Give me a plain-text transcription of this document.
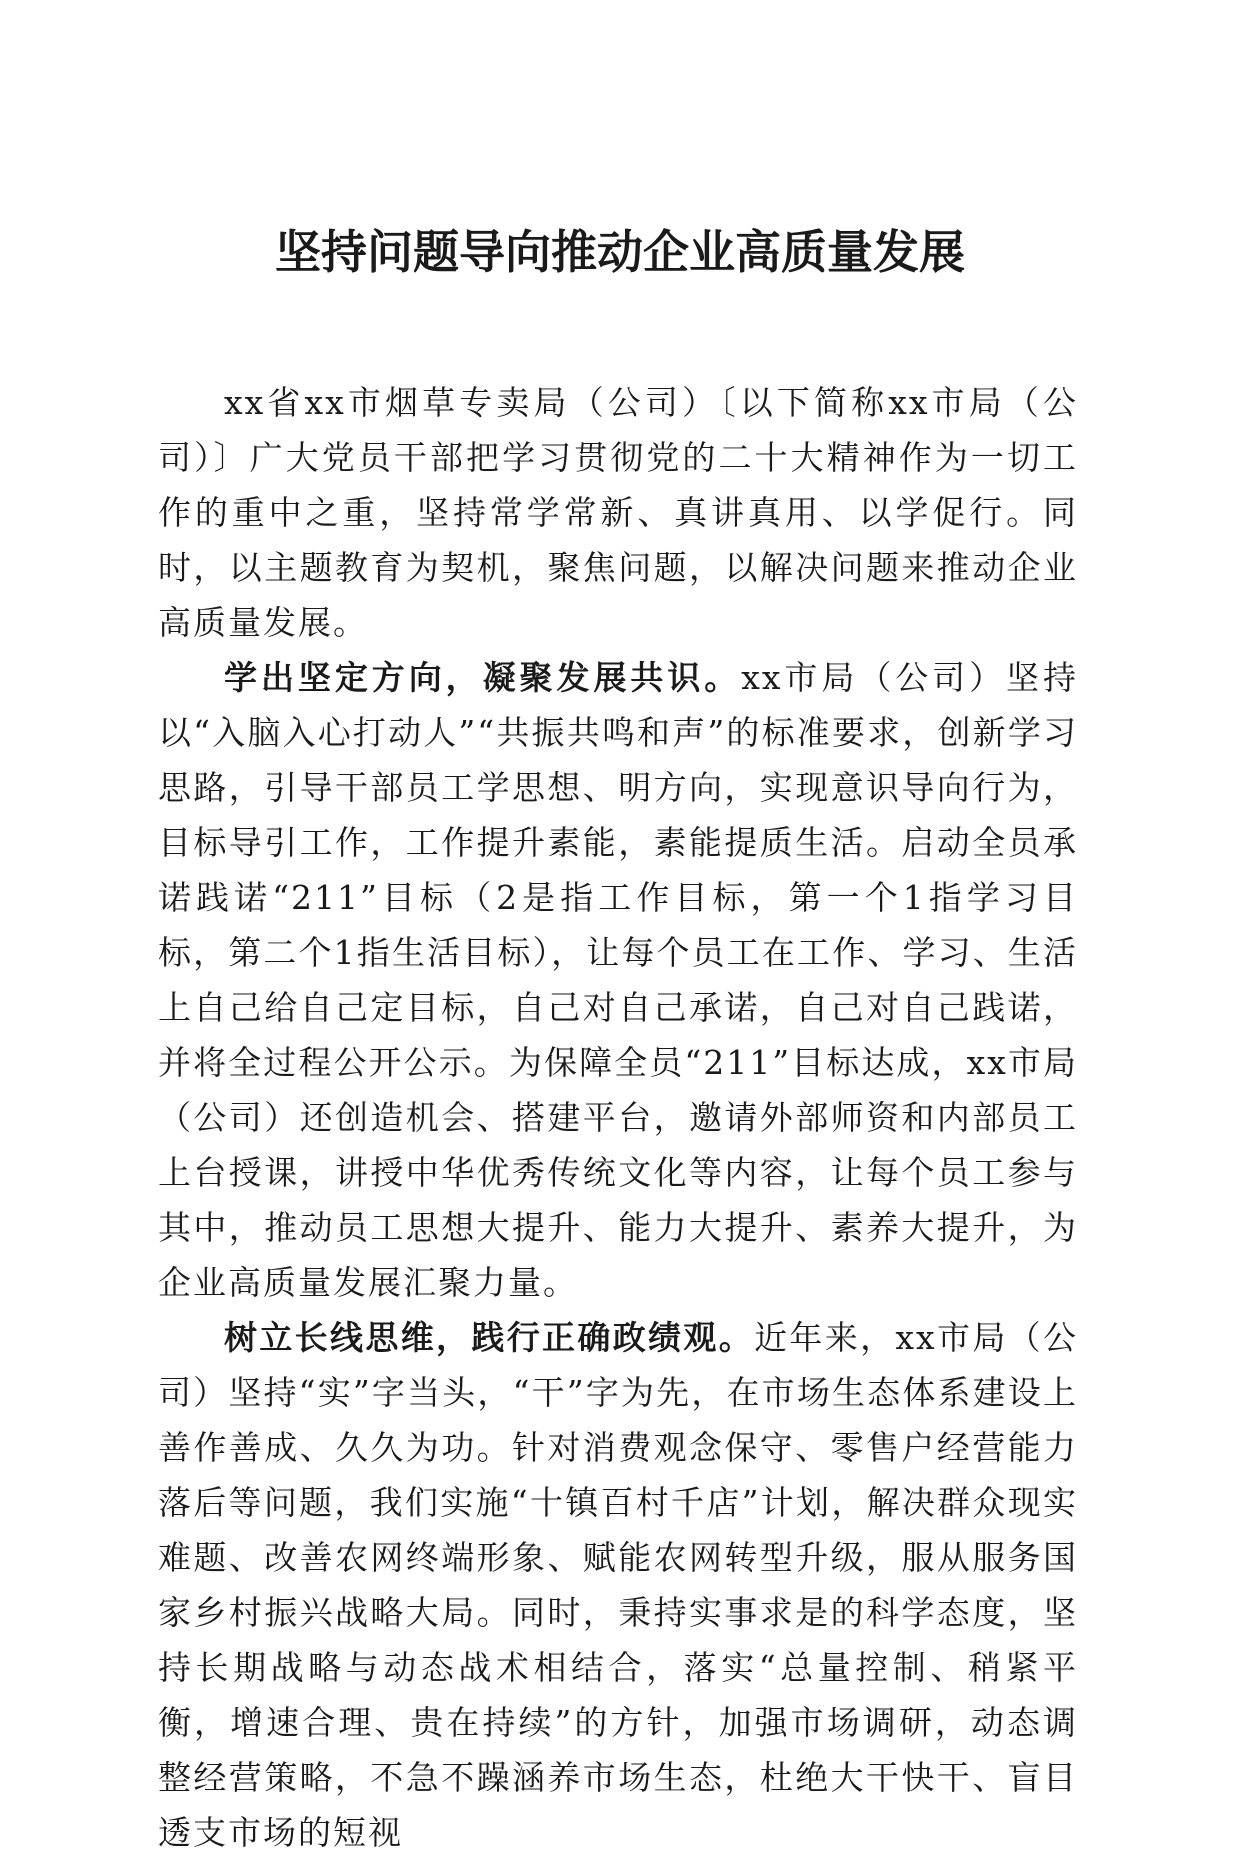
坚持问题导向推动企业高质量发展

xx省xx市烟草专卖局（公司）〔以下简称xx市局（公司）〕广大党员干部把学习贯彻党的二十大精神作为一切工作的重中之重，坚持常学常新、真讲真用、以学促行。同时，以主题教育为契机，聚焦问题，以解决问题来推动企业高质量发展。

学出坚定方向，凝聚发展共识。xx市局（公司）坚持以“入脑入心打动人”“共振共鸣和声”的标准要求，创新学习思路，引导干部员工学思想、明方向，实现意识导向行为，目标导引工作，工作提升素能，素能提质生活。启动全员承诺践诺“211”目标（2是指工作目标，第一个1指学习目标，第二个1指生活目标），让每个员工在工作、学习、生活上自己给自己定目标，自己对自己承诺，自己对自己践诺，并将全过程公开公示。为保障全员“211”目标达成，xx市局（公司）还创造机会、搭建平台，邀请外部师资和内部员工上台授课，讲授中华优秀传统文化等内容，让每个员工参与其中，推动员工思想大提升、能力大提升、素养大提升，为企业高质量发展汇聚力量。

树立长线思维，践行正确政绩观。近年来，xx市局（公司）坚持“实”字当头，“干”字为先，在市场生态体系建设上善作善成、久久为功。针对消费观念保守、零售户经营能力落后等问题，我们实施“十镇百村千店”计划，解决群众现实难题、改善农网终端形象、赋能农网转型升级，服从服务国家乡村振兴战略大局。同时，秉持实事求是的科学态度，坚持长期战略与动态战术相结合，落实“总量控制、稍紧平衡，增速合理、贵在持续”的方针，加强市场调研，动态调整经营策略，不急不躁涵养市场生态，杜绝大干快干、盲目透支市场的短视
